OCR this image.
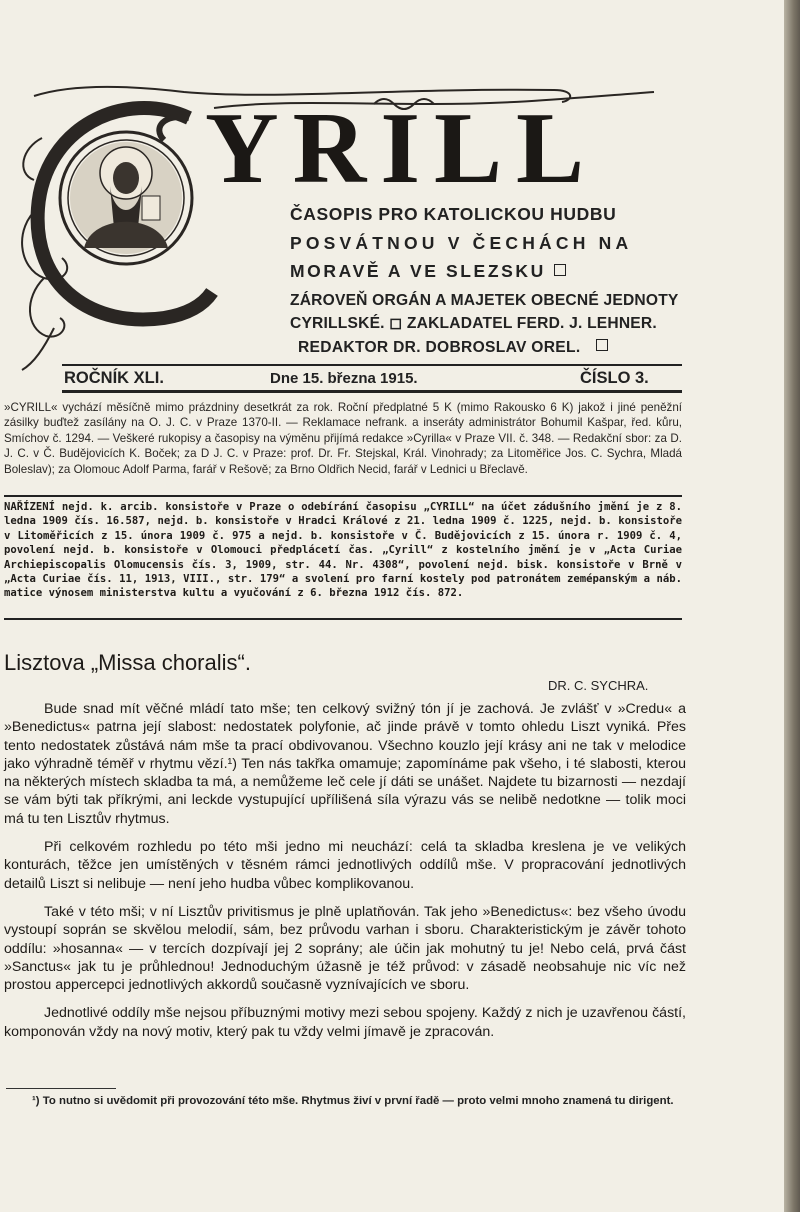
YRILL
ČASOPIS PRO KATOLICKOU HUDBU
POSVÁTNOU V ČECHÁCH NA
MORAVĚ A VE SLEZSKU
ZÁROVEŇ ORGÁN A MAJETEK OBECNÉ JEDNOTY
CYRILLSKÉ. ◻ ZAKLADATEL FERD. J. LEHNER.
REDAKTOR DR. DOBROSLAV OREL.
ROČNÍK XLI.	Dne 15. března 1915.	ČÍSLO 3.

»CYRILL« vychází měsíčně mimo prázdniny desetkrát za rok. Roční předplatné 5 K (mimo Rakousko 6 K) jakož i jiné peněžní zásilky buďtež zasílány na O. J. C. v Praze 1370-II. — Reklamace nefrank. a inseráty administrátor Bohumil Kašpar, řed. kůru, Smíchov č. 1294. — Veškeré rukopisy a časopisy na výměnu přijímá redakce »Cyrilla« v Praze VII. č. 348. — Redakční sbor: za D. J. C. v Č. Budějovicích K. Boček; za D J. C. v Praze: prof. Dr. Fr. Stejskal, Král. Vinohrady; za Litoměřice Jos. C. Sychra, Mladá Boleslav); za Olomouc Adolf Parma, farář v Rešově; za Brno Oldřich Necid, farář v Lednici u Břeclavě.

NAŘÍZENÍ nejd. k. arcib. konsistoře v Praze o odebírání časopisu „CYRILL“ na účet zádušního jmění je z 8. ledna 1909 čís. 16.587, nejd. b. konsistoře v Hradci Králové z 21. ledna 1909 č. 1225, nejd. b. konsistoře v Litoměřicích z 15. února 1909 č. 975 a nejd. b. konsistoře v Č. Budějovicích z 15. února r. 1909 č. 4, povolení nejd. b. konsistoře v Olomouci předplácetí čas. „Cyrill“ z kostelního jmění je v „Acta Curiae Archiepiscopalis Olomucensis čís. 3, 1909, str. 44. Nr. 4308“, povolení nejd. bisk. konsistoře v Brně v „Acta Curiae čís. 11, 1913, VIII., str. 179“ a svolení pro farní kostely pod patronátem zemépanským a náb. matice výnosem ministerstva kultu a vyučování z 6. března 1912 čís. 872.

Lisztova „Missa choralis“.
DR. C. SYCHRA.

Bude snad mít věčné mládí tato mše; ten celkový svižný tón jí je zachová. Je zvlášť v »Credu« a »Benedictus« patrna její slabost: nedostatek polyfonie, ač jinde právě v tomto ohledu Liszt vyniká. Přes tento nedostatek zůstává nám mše ta prací obdivovanou. Všechno kouzlo její krásy ani ne tak v melodice jako výhradně téměř v rhytmu vězí.¹) Ten nás takřka omamuje; zapomínáme pak všeho, i té slabosti, kterou na některých místech skladba ta má, a nemůžeme leč cele jí dáti se unášet. Najdete tu bizarnosti — nezdají se vám býti tak příkrými, ani leckde vystupující upřílišená síla výrazu vás se nelibě nedotkne — tolik moci má tu ten Lisztův rhytmus.

Při celkovém rozhledu po této mši jedno mi neuchází: celá ta skladba kreslena je ve velikých konturách, těžce jen umístěných v těsném rámci jednotlivých oddílů mše. V propracování jednotlivých detailů Liszt si nelibuje — není jeho hudba vůbec komplikovanou.

Také v této mši; v ní Lisztův privitismus je plně uplatňován. Tak jeho »Benedictus«: bez všeho úvodu vystoupí soprán se skvělou melodií, sám, bez průvodu varhan i sboru. Charakteristickým je závěr tohoto oddílu: »hosanna« — v tercích dozpívají jej 2 soprány; ale účin jak mohutný tu je! Nebo celá, prvá část »Sanctus« jak tu je průhlednou! Jednoduchým úžasně je též průvod: v zásadě neobsahuje nic víc než prostou appercepci jednotlivých akkordů současně vyznívajících ve sboru.

Jednotlivé oddíly mše nejsou příbuznými motivy mezi sebou spojeny. Každý z nich je uzavřenou částí, komponován vždy na nový motiv, který pak tu vždy velmi jímavě je zpracován.

¹) To nutno si uvědomit při provozování této mše. Rhytmus živí v první řadě — proto velmi mnoho znamená tu dirigent.
